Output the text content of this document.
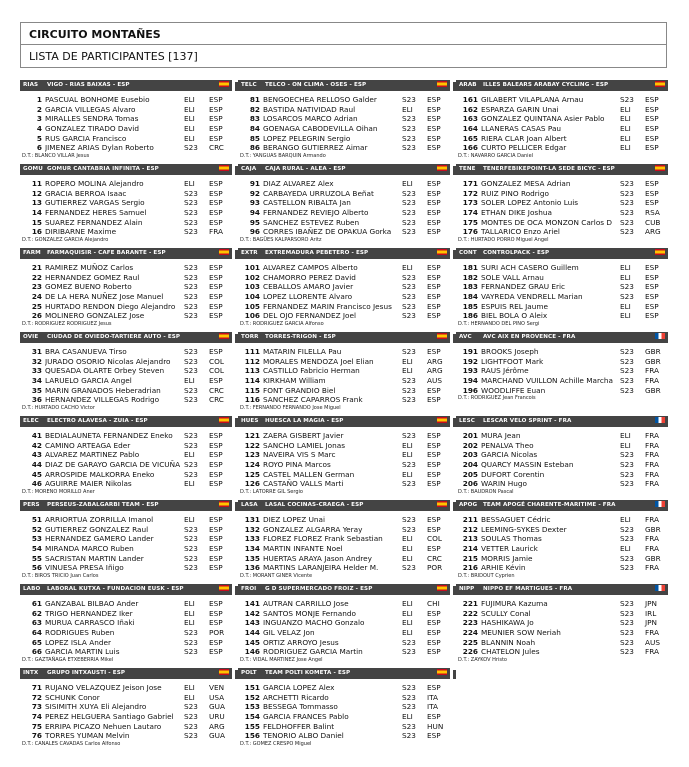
CIRCUITO MONTAÑES
LISTA DE PARTICIPANTES [137]
RIAS VIGO - RIAS BAIXAS - ESP
1 PASCUAL BONHOME Eusebio	ELI ESP
2 GARCIA VILLEGAS Alvaro	ELI ESP
3 MIRALLES SENDRA Tomas	ELI ESP
4 GONZALEZ TIRADO David	ELI ESP
5 RUS GARCIA Francisco	ELI ESP
6 JIMENEZ ARIAS Dylan Roberto	S23 CRC
D.T.: BLANCO VILLAR Jesus
GOMU GOMUR CANTABRIA INFINITA - ESP
11 ROPERO MOLINA Alejandro	ELI ESP
12 GRACIA BERROA Isaac	S23 ESP
13 GUTIERREZ VARGAS Sergio	S23 ESP
14 FERNANDEZ HERES Samuel	S23 ESP
15 SUAREZ FERNANDEZ Alain	S23 ESP
16 DIRIBARNE Maxime	S23 FRA
D.T.: GONZALEZ GARCIA Alejandro
FARM FARMAQUISIR - CAFE BARANTE - ESP
21 RAMIREZ MUÑOZ Carlos	S23 ESP
22 HERNANDEZ GOMEZ Raul	S23 ESP
23 GOMEZ BUENO Roberto	S23 ESP
24 DE LA HERA NUÑEZ Jose Manuel	S23 ESP
25 HURTADO RENDON Diego Alejandro	S23 ESP
26 MOLINERO GONZALEZ Jose	S23 ESP
D.T.: RODRIGUEZ RODRIGUEZ Jesus
OVIE CIUDAD DE OVIEDO-TARTIERE AUTO - ESP
31 BRA CASANUEVA Tirso	S23 ESP
32 JURADO OSORIO Nicolas Alejandro	S23 COL
33 QUESADA OLARTE Orbey Steven	S23 COL
34 LARUELO GARCIA Angel	ELI ESP
35 MARIN GRANADOS Heberadrian	S23 CRC
36 HERNANDEZ VILLEGAS Rodrigo	S23 CRC
D.T.: HURTADO CACHO Victor
ELEC ELECTRO ALAVESA - ZUIA - ESP
41 BEDIALAUNETA FERNANDEZ Eneko	S23 ESP
42 CAMINO ARTEAGA Eder	S23 ESP
43 ALVAREZ MARTINEZ Pablo	ELI ESP
44 DIAZ DE GARAYO GARCIA DE VICUÑA S23 ESP
45 ARROSPIDE MALKORRA Eneko	S23 ESP
46 AGUIRRE MAIER Nikolas	ELI ESP
D.T.: MORENO MORILLO Aner
PERS PERSEUS-ZABALGARBI TEAM - ESP
51 ARRIORTUA ZORRILLA Imanol	ELI ESP
52 GUTIERREZ GONZALEZ Raul	S23 ESP
53 HERNANDEZ GAMERO Lander	S23 ESP
54 MIRANDA MARCO Ruben	S23 ESP
55 SACRISTAN MARTIN Lander	S23 ESP
56 VINUESA PRESA Iñigo	S23 ESP
D.T.: BIROS TRICIO Juan Carlos
LABO LABORAL KUTXA - FUNDACION EUSK - ESP
61 GANZABAL BILBAO Ander	ELI ESP
62 TRIGO HERNANDEZ Iker	ELI ESP
63 MURUA CARRASCO Iñaki	ELI ESP
64 RODRIGUES Ruben	S23 POR
65 LOPEZ ISLA Ander	S23 ESP
66 GARCIA MARTIN Luis	S23 ESP
D.T.: GAZTAÑAGA ETXEBERRIA Mikel
INTX GRUPO INTXAUSTI - ESP
71 RUJANO VELAZQUEZ Jeison Jose	ELI VEN
72 SCHUNK Conor	ELI USA
73 SISIMITH XUYA Eli Alejandro	S23 GUA
74 PEREZ HELGUERA Santiago Gabriel	S23 URU
75 ERRIPA PICAZO Nehuen Lautaro	S23 ARG
76 TORRES YUMAN Melvin	S23 GUA
D.T.: CANALES CAVADAS Carlos Alfonso
TELC TELCO - ON CLIMA - OSES - ESP
81 BENGOECHEA RELLOSO Galder	S23 ESP
82 BASTIDA NATIVIDAD Raul	ELI ESP
83 LOSARCOS MARCO Adrian	S23 ESP
84 GOENAGA CABODEVILLA Oihan	S23 ESP
85 LOPEZ PELEGRIN Sergio	S23 ESP
86 BERANGO GUTIERREZ Aimar	S23 ESP
D.T.: YANGUAS BARQUIN Armando
CAJA CAJA RURAL - ALEA - ESP
91 DIAZ ALVAREZ Alex	ELI ESP
92 CARBAYEDA URRUZOLA Beñat	S23 ESP
93 CASTELLON RIBALTA Jan	S23 ESP
94 FERNANDEZ REVIEJO Alberto	S23 ESP
95 SANCHEZ ESTEVEZ Ruben	S23 ESP
96 CORRES IBAÑEZ DE OPAKUA Gorka	S23 ESP
D.T.: BAGÜES KALPARSORO Aritz
EXTR EXTREMADURA PEBETERO - ESP
101 ALVAREZ CAMPOS Alberto	ELI ESP
102 CHAMORRO PEREZ David	S23 ESP
103 CEBALLOS AMARO Javier	S23 ESP
104 LOPEZ LLORENTE Alvaro	S23 ESP
105 FERNANDEZ MARIN Francisco Jesus	S23 ESP
106 DEL OJO FERNANDEZ Joel	S23 ESP
D.T.: RODRIGUEZ GARCIA Alfonso
TORR TORRES-TRIGON - ESP
111 MATARIN FILELLA Pau	S23 ESP
112 MORALES MENDOZA Joel Elian	ELI ARG
113 CASTILLO Fabricio Herman	ELI ARG
114 KIRKHAM William	S23 AUS
115 FONT GRANDIO Biel	S23 ESP
116 SANCHEZ CAPARROS Frank	S23 ESP
D.T.: FERNANDO FERNANDO Jose Miguel
HUES HUESCA LA MAGIA - ESP
121 ZAERA GISBERT Javier	S23 ESP
122 SANCHO LAMIEL Jonas	ELI ESP
123 NAVEIRA VIS S Marc	ELI ESP
124 ROYO PINA Marcos	S23 ESP
125 CASTEL MALLEN German	ELI ESP
126 CASTAÑO VALLS Marti	S23 ESP
D.T.: LATORRE GIL Sergio
LASA LASAL COCINAS-CRAEGA - ESP
131 DIEZ LOPEZ Unai	S23 ESP
132 GONZALEZ ALGARRA Yeray	S23 ESP
133 FLOREZ FLOREZ Frank Sebastian	ELI COL
134 MARTIN INFANTE Noel	ELI ESP
135 HUERTAS ARAYA Jason Andrey	ELI CRC
136 MARTINS LARANJEIRA Helder M.	S23 POR
D.T.: MORANT GINER Vicente
FROI G D SUPERMERCADO FROIZ - ESP
141 AUTRAN CARRILLO Jose	ELI CHI
142 SANTOS MONJE Fernando	ELI ESP
143 INGUANZO MACHO Gonzalo	ELI ESP
144 GIL VELAZ Jon	ELI ESP
145 ORTIZ ARROYO Jesus	S23 ESP
146 RODRIGUEZ GARCIA Martin	S23 ESP
D.T.: VIDAL MARTINEZ Jose Angel
POLT TEAM POLTI KOMETA - ESP
151 GARCIA LOPEZ Alex	S23 ESP
152 ARCHETTI Ricardo	S23 ITA
153 BESSEGA Tommasso	S23 ITA
154 GARCIA FRANCES Pablo	ELI ESP
155 FELDHOFFER Balint	S23 HUN
156 TENORIO ALBO Daniel	S23 ESP
D.T.: GOMEZ CRESPO Miguel
ARAB ILLES BALEARS ARABAY CYCLING - ESP
161 GILABERT VILAPLANA Arnau	S23 ESP
162 ESPARZA GARIN Unai	ELI ESP
163 GONZALEZ QUINTANA Asier Pablo	ELI ESP
164 LLANERAS CASAS Pau	ELI ESP
165 RIERA CLAR Joan Albert	ELI ESP
166 CURTO PELLICER Edgar	ELI ESP
D.T.: NAVARRO GARCIA Daniel
TENE TENERFEBIKEPOINT-LA SEDE BICYC - ESP
171 GONZALEZ MESA Adrian	S23 ESP
172 RUIZ PINO Rodrigo	S23 ESP
173 SOLER LOPEZ Antonio Luis	S23 ESP
174 ETHAN DIKE Joshua	S23 RSA
175 MONTES DE OCA MONZON Carlos D	S23 CUB
176 TALLARICO Enzo Ariel	S23 ARG
D.T.: HURTADO PORRO Miguel Angel
CONT CONTROLPACK - ESP
181 SURI ACH CASERO Guillem	ELI ESP
182 SOLE VALL Arnau	ELI ESP
183 FERNANDEZ GRAU Eric	S23 ESP
184 VAYREDA VENDRELL Marian	S23 ESP
185 ESPUIS REL Jaume	ELI ESP
186 BIEL BOLA O Aleix	ELI ESP
D.T.: HERNANDO DEL PINO Sergi
AVC AVC AIX EN PROVENCE - FRA
191 BROOKS Joseph	S23 GBR
192 LIGHTFOOT Mark	S23 GBR
193 RAUS Jérôme	S23 FRA
194 MARCHAND VUILLON Achille Marcha S23 FRA
196 WOODLIFFE Euan	S23 GBR
D.T.: RODRIGUEZ Jean Francois
LESC LESCAR VELO SPRINT - FRA
201 MURA Jean	ELI FRA
202 PENALVA Theo	ELI FRA
203 GARCIA Nicolas	S23 FRA
204 QUARCY MASSIN Esteban	S23 FRA
205 DUFORT Corentin	S23 FRA
206 WARIN Hugo	S23 FRA
D.T.: BAUDRON Pascal
APOG TEAM APOGÉ CHARENTE-MARITIME - FRA
211 BESSAGUET Cédric	ELI FRA
212 LEEMING-SYKES Dexter	S23 GBR
213 SOULAS Thomas	S23 FRA
214 VETTER Laurick	ELI FRA
215 MORRIS Jamie	S23 GBR
216 ARHIE Kévin	S23 FRA
D.T.: BRIDOUT Cyprien
NIPP NIPPO EF MARTIGUES - FRA
221 FUJIMURA Kazuma	S23 JPN
222 SCULLY Conal	S23 IRL
223 HASHIKAWA Jo	S23 JPN
224 MEUNIER SOW Neriah	S23 FRA
225 BLANNIN Noah	S23 AUS
226 CHATELON Jules	S23 FRA
D.T.: ZAYKOV Hristo
